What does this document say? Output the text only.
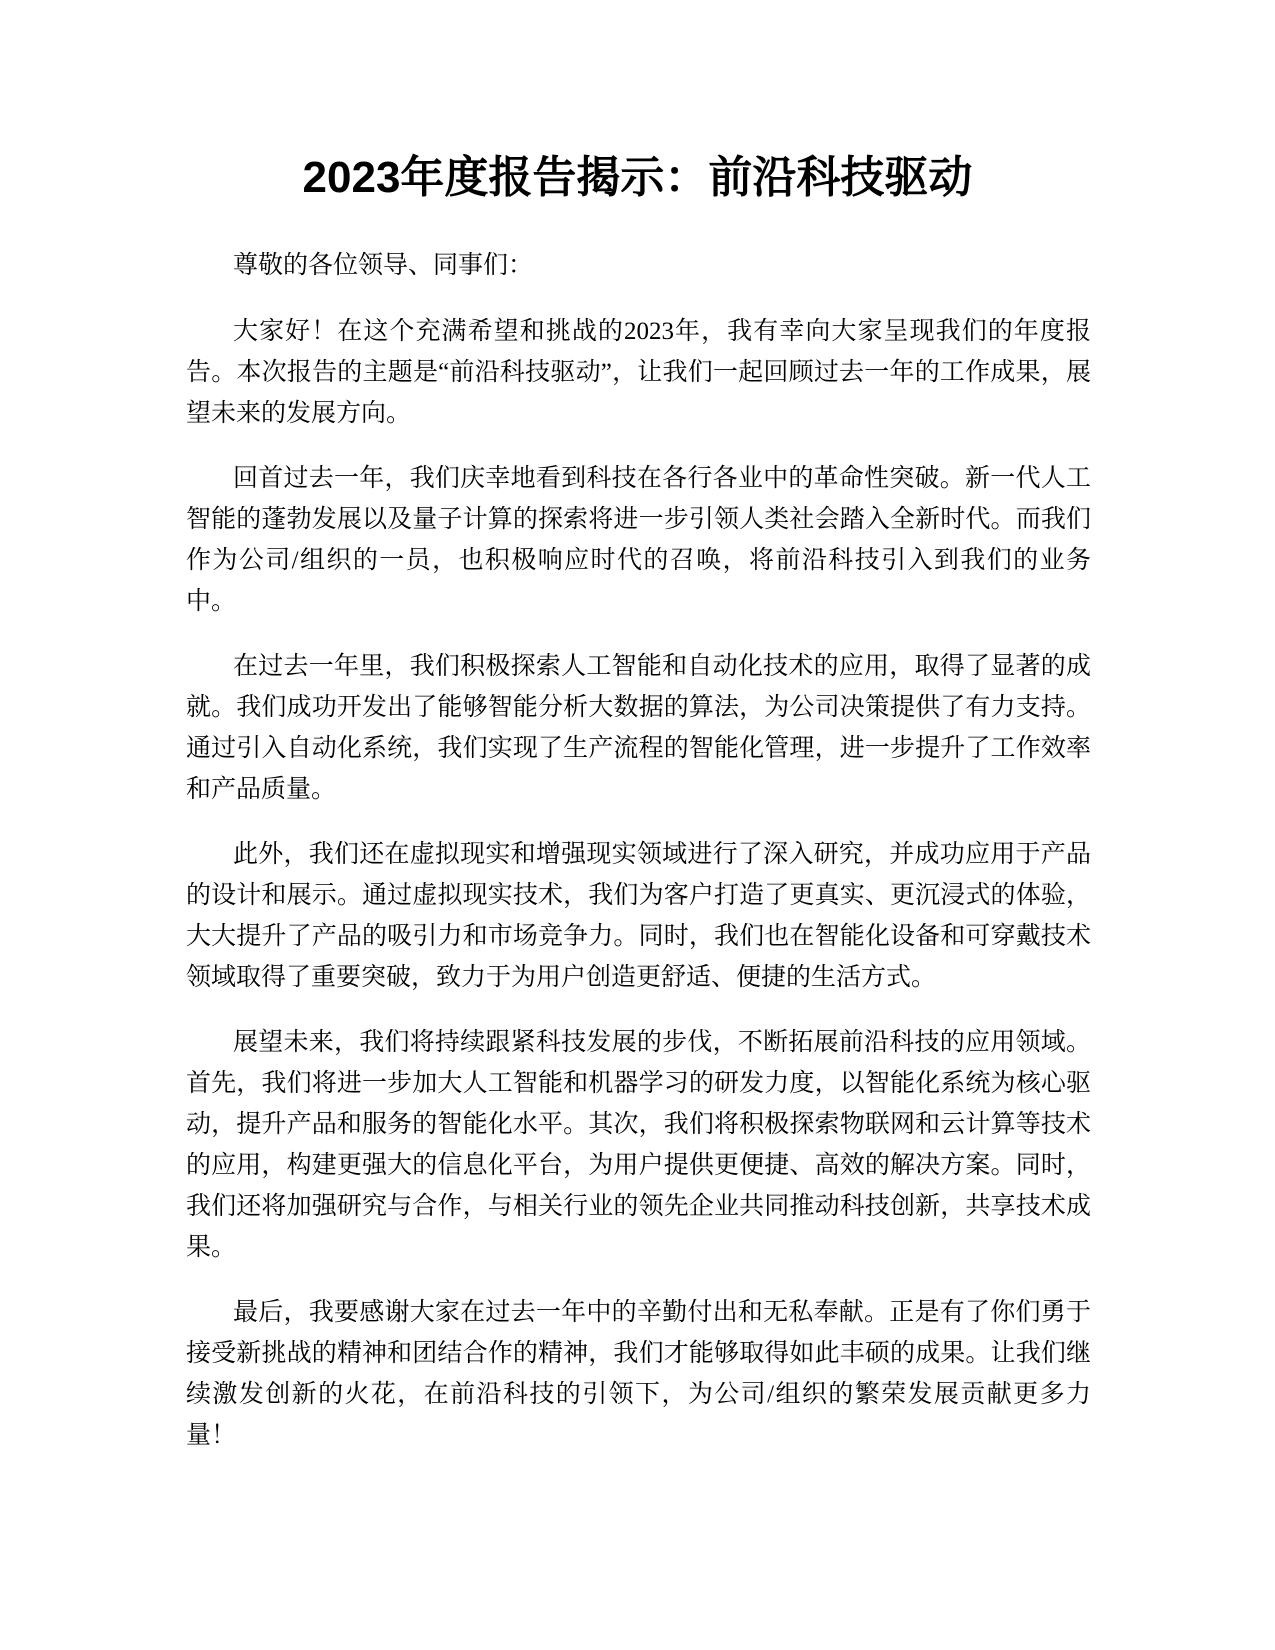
2023年度报告揭示：前沿科技驱动

尊敬的各位领导、同事们：

大家好！在这个充满希望和挑战的2023年，我有幸向大家呈现我们的年度报告。本次报告的主题是“前沿科技驱动”，让我们一起回顾过去一年的工作成果，展望未来的发展方向。

回首过去一年，我们庆幸地看到科技在各行各业中的革命性突破。新一代人工智能的蓬勃发展以及量子计算的探索将进一步引领人类社会踏入全新时代。而我们作为公司/组织的一员，也积极响应时代的召唤，将前沿科技引入到我们的业务中。

在过去一年里，我们积极探索人工智能和自动化技术的应用，取得了显著的成就。我们成功开发出了能够智能分析大数据的算法，为公司决策提供了有力支持。通过引入自动化系统，我们实现了生产流程的智能化管理，进一步提升了工作效率和产品质量。

此外，我们还在虚拟现实和增强现实领域进行了深入研究，并成功应用于产品的设计和展示。通过虚拟现实技术，我们为客户打造了更真实、更沉浸式的体验，大大提升了产品的吸引力和市场竞争力。同时，我们也在智能化设备和可穿戴技术领域取得了重要突破，致力于为用户创造更舒适、便捷的生活方式。

展望未来，我们将持续跟紧科技发展的步伐，不断拓展前沿科技的应用领域。首先，我们将进一步加大人工智能和机器学习的研发力度，以智能化系统为核心驱动，提升产品和服务的智能化水平。其次，我们将积极探索物联网和云计算等技术的应用，构建更强大的信息化平台，为用户提供更便捷、高效的解决方案。同时，我们还将加强研究与合作，与相关行业的领先企业共同推动科技创新，共享技术成果。

最后，我要感谢大家在过去一年中的辛勤付出和无私奉献。正是有了你们勇于接受新挑战的精神和团结合作的精神，我们才能够取得如此丰硕的成果。让我们继续激发创新的火花，在前沿科技的引领下，为公司/组织的繁荣发展贡献更多力量！
